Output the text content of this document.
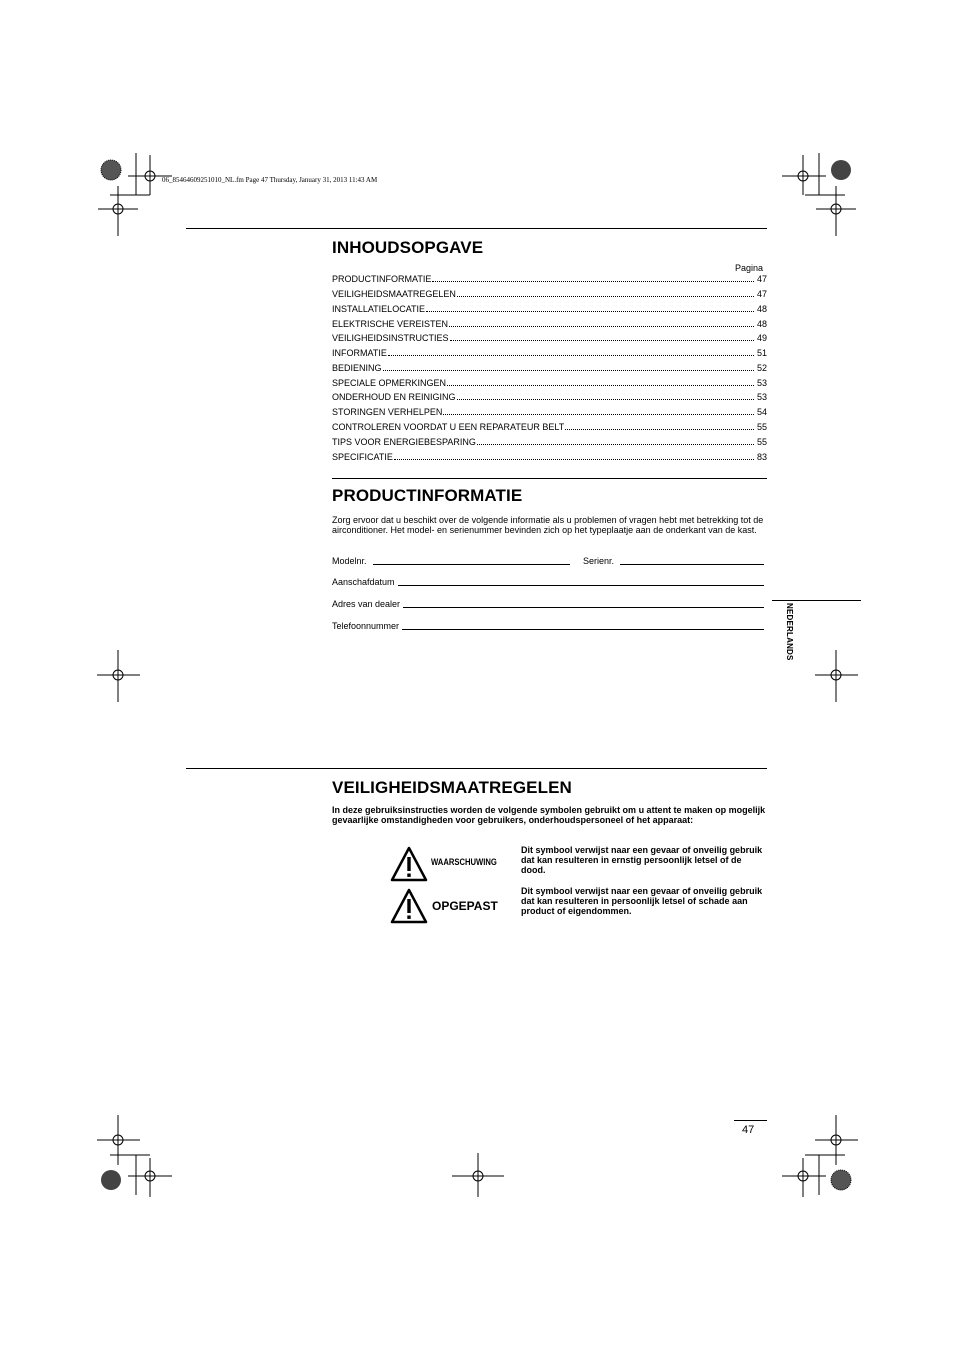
06_85464609251010_NL.fm Page 47 Thursday, January 31, 2013 11:43 AM
INHOUDSOPGAVE
Pagina
PRODUCTINFORMATIE	47
VEILIGHEIDSMAATREGELEN	47
INSTALLATIELOCATIE	48
ELEKTRISCHE VEREISTEN	48
VEILIGHEIDSINSTRUCTIES	49
INFORMATIE	51
BEDIENING	52
SPECIALE OPMERKINGEN	53
ONDERHOUD EN REINIGING	53
STORINGEN VERHELPEN	54
CONTROLEREN VOORDAT U EEN REPARATEUR BELT	55
TIPS VOOR ENERGIEBESPARING	55
SPECIFICATIE	83
PRODUCTINFORMATIE
Zorg ervoor dat u beschikt over de volgende informatie als u problemen of vragen hebt met betrekking tot de airconditioner. Het model- en serienummer bevinden zich op het typeplaatje aan de onderkant van de kast.
Modelnr.	Serienr.
Aanschafdatum
Adres van dealer
Telefoonnummer	NEDERLANDS
VEILIGHEIDSMAATREGELEN
In deze gebruiksinstructies worden de volgende symbolen gebruikt om u attent te maken op mogelijk gevaarlijke omstandigheden voor gebruikers, onderhoudspersoneel of het apparaat:
WAARSCHUWING
Dit symbool verwijst naar een gevaar of onveilig gebruik dat kan resulteren in ernstig persoonlijk letsel of de dood.
OPGEPAST
Dit symbool verwijst naar een gevaar of onveilig gebruik dat kan resulteren in persoonlijk letsel of schade aan product of eigendommen.
47
